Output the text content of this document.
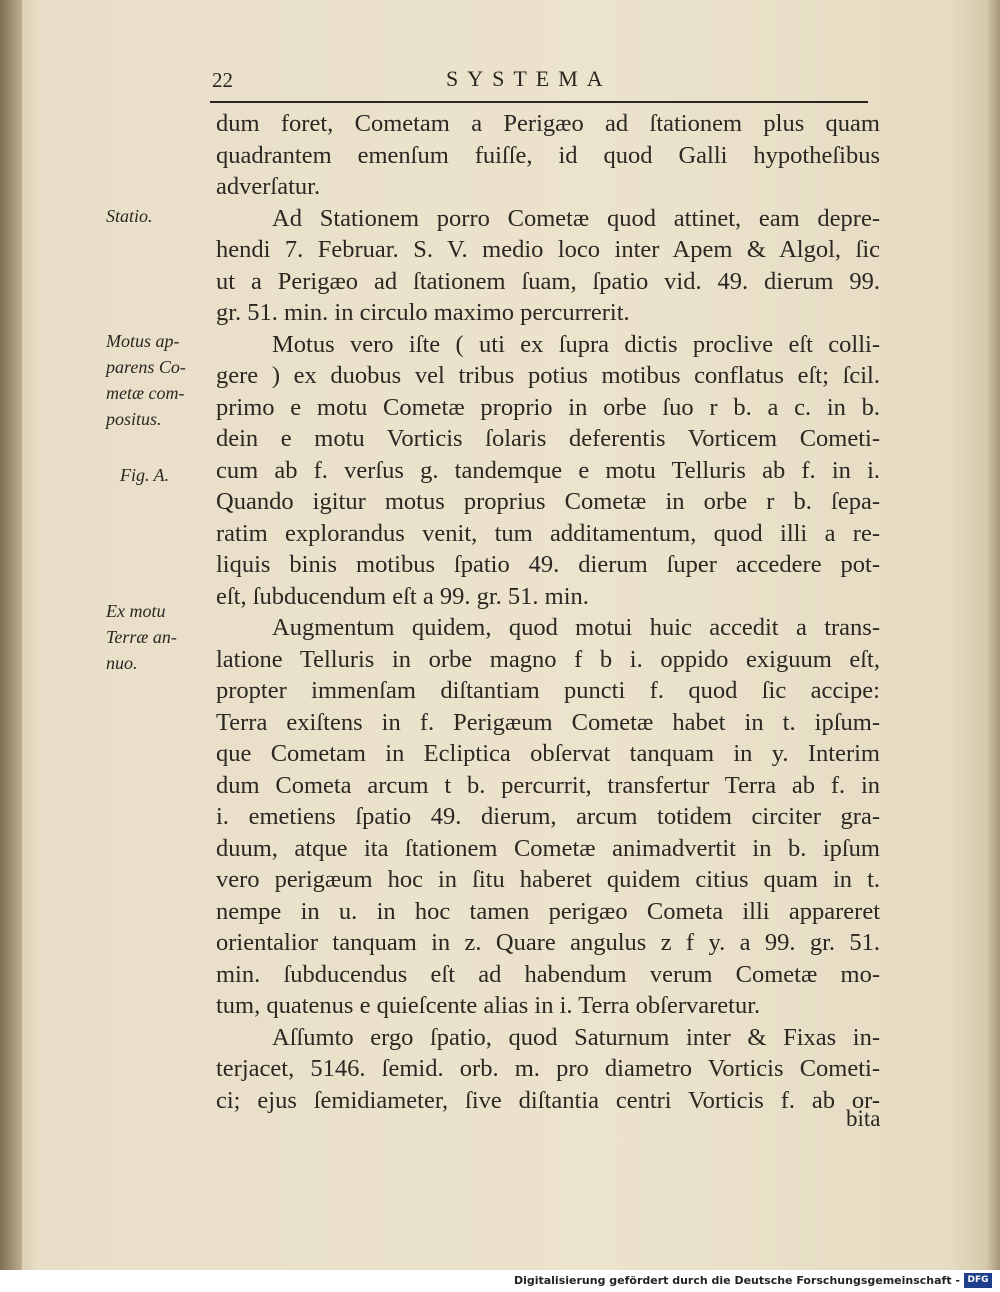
22	SYSTEMA
Statio.
Motus ap-
parens Co-
metæ com-
positus.
Fig. A.
Ex motu
Terræ an-
nuo.
dum foret, Cometam a Perigæo ad ſtationem plus quam
quadrantem emenſum fuiſſe, id quod Galli hypotheſibus
adverſatur.
Ad Stationem porro Cometæ quod attinet, eam depre-
hendi 7. Februar. S. V. medio loco inter Apem & Algol, ſic
ut a Perigæo ad ſtationem ſuam, ſpatio vid. 49. dierum 99.
gr. 51. min. in circulo maximo percurrerit.
Motus vero iſte ( uti ex ſupra dictis proclive eſt colli-
gere ) ex duobus vel tribus potius motibus conflatus eſt; ſcil.
primo e motu Cometæ proprio in orbe ſuo r b. a c. in b.
dein e motu Vorticis ſolaris deferentis Vorticem Cometi-
cum ab f. verſus g. tandemque e motu Telluris ab f. in i.
Quando igitur motus proprius Cometæ in orbe r b. ſepa-
ratim explorandus venit, tum additamentum, quod illi a re-
liquis binis motibus ſpatio 49. dierum ſuper accedere pot-
eſt, ſubducendum eſt a 99. gr. 51. min.
Augmentum quidem, quod motui huic accedit a trans-
latione Telluris in orbe magno f b i. oppido exiguum eſt,
propter immenſam diſtantiam puncti f. quod ſic accipe:
Terra exiſtens in f. Perigæum Cometæ habet in t. ipſum-
que Cometam in Ecliptica obſervat tanquam in y. Interim
dum Cometa arcum t b. percurrit, transfertur Terra ab f. in
i. emetiens ſpatio 49. dierum, arcum totidem circiter gra-
duum, atque ita ſtationem Cometæ animadvertit in b. ipſum
vero perigæum hoc in ſitu haberet quidem citius quam in t.
nempe in u. in hoc tamen perigæo Cometa illi appareret
orientalior tanquam in z. Quare angulus z f y. a 99. gr. 51.
min. ſubducendus eſt ad habendum verum Cometæ mo-
tum, quatenus e quieſcente alias in i. Terra obſervaretur.
Aſſumto ergo ſpatio, quod Saturnum inter & Fixas in-
terjacet, 5146. ſemid. orb. m. pro diametro Vorticis Cometi-
ci; ejus ſemidiameter, ſive diſtantia centri Vorticis f. ab or-
bita
Digitalisierung gefördert durch die Deutsche Forschungsgemeinschaft - DFG
